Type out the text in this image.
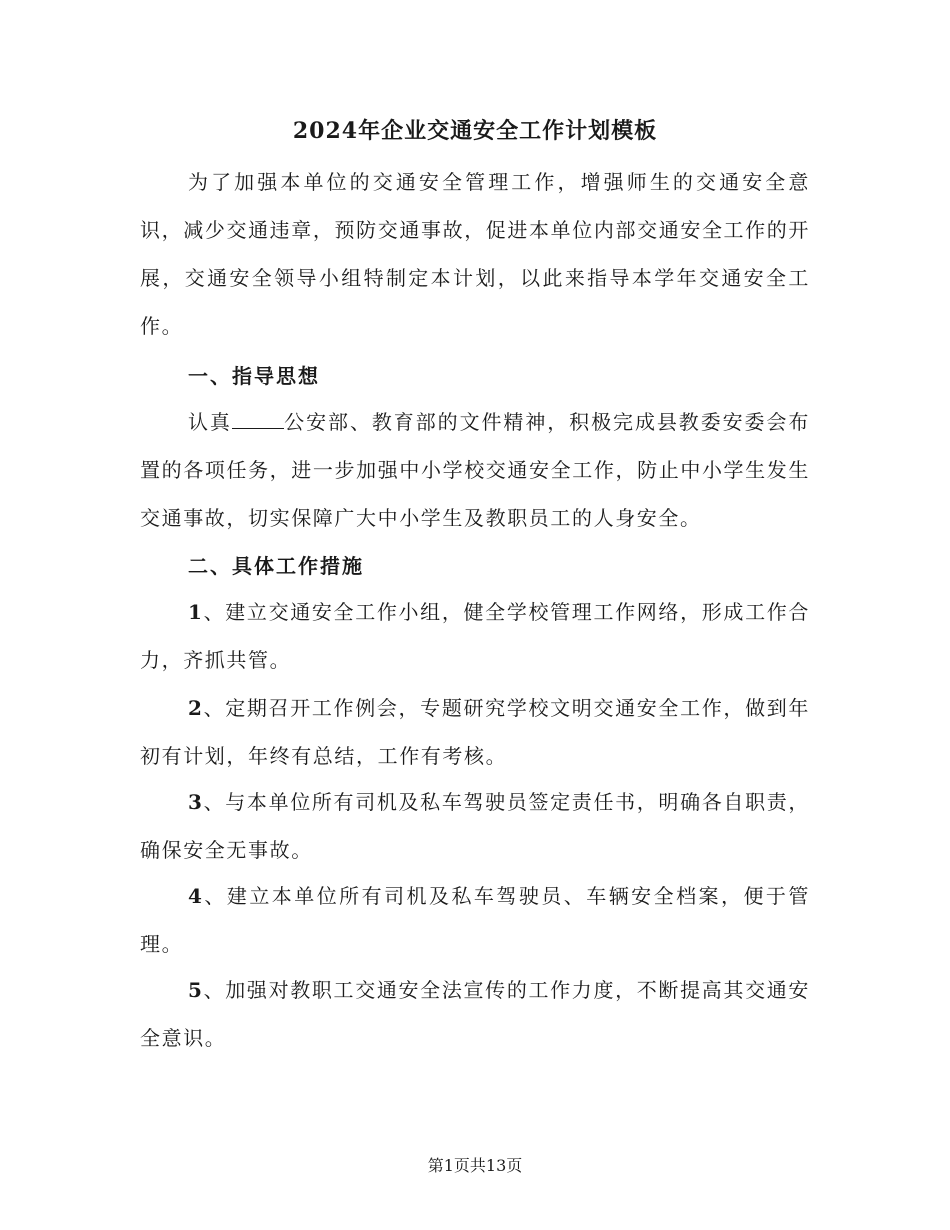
2024年企业交通安全工作计划模板

为了加强本单位的交通安全管理工作，增强师生的交通安全意识，减少交通违章，预防交通事故，促进本单位内部交通安全工作的开展，交通安全领导小组特制定本计划，以此来指导本学年交通安全工作。

一、指导思想

认真	公安部、教育部的文件精神，积极完成县教委安委会布置的各项任务，进一步加强中小学校交通安全工作，防止中小学生发生交通事故，切实保障广大中小学生及教职员工的人身安全。

二、具体工作措施

1、建立交通安全工作小组，健全学校管理工作网络，形成工作合力，齐抓共管。

2、定期召开工作例会，专题研究学校文明交通安全工作，做到年初有计划，年终有总结，工作有考核。

3、与本单位所有司机及私车驾驶员签定责任书，明确各自职责，确保安全无事故。

4、建立本单位所有司机及私车驾驶员、车辆安全档案，便于管理。

5、加强对教职工交通安全法宣传的工作力度，不断提高其交通安全意识。

第1页共13页
